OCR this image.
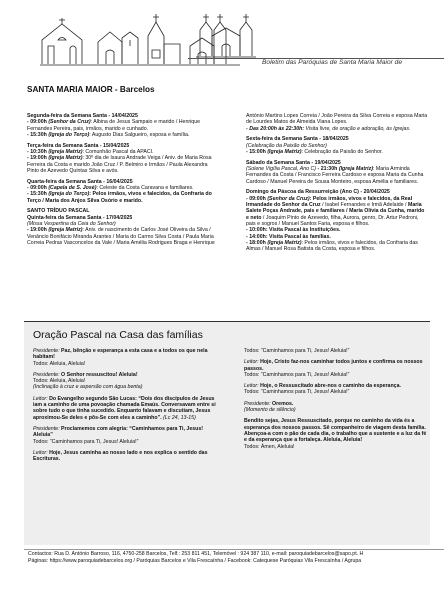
Boletim das Paróquias de Santa Maria Maior de
SANTA MARIA MAIOR - Barcelos

Segunda-feira da Semana Santa - 14/04/2025
- 09:00h (Senhor da Cruz): Albina de Jesus Sampaio e marido / Henrique Fernandes Pereira, pais, irmãos, marido e cunhado.
- 15:30h (Igreja do Terço): Augusto Dias Salgueiro, esposa e família.

Terça-feira da Semana Santa - 15/04/2025
- 10:30h (Igreja Matriz): Comunhão Pascal da APACI.
- 19:00h (Igreja Matriz): 30º dia de Isaura Andrade Veiga / Aniv. de Maria Rosa Ferreira da Costa e marido João Cruz / P. Belmiro e Irmãos / Paula Alexandra Pinto de Azevedo Quintas Silva e avós.

Quarta-feira da Semana Santa - 16/04/2025
- 09:00h (Capela de S. José): Celeste da Costa Caravana e familiares.
- 15:30h (Igreja do Terço): Pelos irmãos, vivos e falecidos, da Confraria do Terço / Maria dos Anjos Silva Osório e marido.

SANTO TRÍDUO PASCAL
Quinta-feira da Semana Santa - 17/04/2025
(Missa Vespertina da Ceia do Senhor)
- 19:00h (Igreja Matriz): Aniv. de nascimento de Carlos José Oliveira da Silva / Venâncio Bonifácio Miranda Arantes / Maria do Carmo Silva Costa / Paula Maria Correia Pedras Vasconcelos da Vale / Maria Amélia Rodrigues Braga e Henrique

António Martins Lopes Correia / João Pereira da Silva Correia e esposa Maria de Lourdes Matos de Almeida Viana Lopes.
- Das 20:00h às 22:30h: Visita livre, de oração e adoração, às Igrejas.

Sexta-feira da Semana Santa - 18/04/2025
(Celebração da Paixão do Senhor)
- 15:00h (Igreja Matriz): Celebração da Paixão do Senhor.

Sábado da Semana Santa - 19/04/2025
(Solene Vigília Pascal, Ano C) - 21:30h (Igreja Matriz): Maria Arminda Fernandes da Costa / Francisco Ferreira Cardoso e esposa Maria da Cunha Cardoso / Manuel Pereira de Sousa Monteiro, esposa Amélia e familiares.

Domingo da Páscoa da Ressurreição (Ano C) - 20/04/2025
- 09:00h (Senhor da Cruz): Pelos irmãos, vivos e falecidos, da Real Irmandade do Senhor da Cruz / Isabel Fernandes e Irmã Adelaide / Maria Salete Poças Andrade, pais e familiares / Maria Olívia da Cunha, marido e neto / Joaquim Pinto de Azevedo, filha, Aurora, genro, Dr. Artur Pedroni, pais e sogros / Manuel Santos Faria, esposa e filhos.
- 10:00h: Visita Pascal às Instituições.
- 14:00h: Visita Pascal às famílias.
- 18:00h (Igreja Matriz): Pelos irmãos, vivos e falecidos, da Confraria das Almas / Manuel Rosa Batista da Costa, esposa e filhos.

Oração Pascal na Casa das famílias

Presidente: Paz, bênção e esperança a esta casa e a todos os que nela habitam!
Todos: Aleluia, Aleluia!

Presidente: O Senhor ressuscitou! Aleluia!
Todos: Aleluia, Aleluia!
(Inclinação à cruz e aspersão com água benta)

Leitor: Do Evangelho segundo São Lucas: “Dois dos discípulos de Jesus iam a caminho de uma povoação chamada Emaús. Conversavam entre si sobre tudo o que tinha sucedido. Enquanto falavam e discutiam, Jesus aproximou-Se deles e pôs-Se com eles a caminho”. (Lc 24, 13-15)

Presidente: Proclamemos com alegria: “Caminhamos para Ti, Jesus! Aleluia”
Todos: “Caminhamos para Ti, Jesus! Aleluia!”

Leitor: Hoje, Jesus caminha ao nosso lado e nos explica o sentido das Escrituras.

Todos: “Caminhamos para Ti, Jesus! Aleluia!”

Leitor: Hoje, Cristo faz-nos caminhar todos juntos e confirma os nossos passos.
Todos: “Caminhamos para Ti, Jesus! Aleluia!”

Leitor: Hoje, o Ressuscitado abre-nos o caminho da esperança.
Todos: “Caminhamos para Ti, Jesus! Aleluia!”

Presidente: Oremos.
(Momento de silêncio)

Bendito sejas, Jesus Ressuscitado, porque no caminho da vida és a esperança dos nossos passos. Sê companheiro de viagem desta família. Abençoa-a com o pão de cada dia, o trabalho que a sustente e a luz da fé e da esperança que a fortaleça. Aleluia, Aleluia!
Todos: Ámen, Aleluia!

Contactos: Rua D. António Barroso, 116, 4750-258 Barcelos, Telf.: 253 811 451, Telemóvel : 924 387 110, e-mail: paroquiadebarcelos@sapo.pt. H
Páginas: https://www.paroquiadebarcelos.org / Paróquias Barcelos e Vila Frescaínha / Facebook: Catequese Paróquias Vila Frescaínha / Agrupa
